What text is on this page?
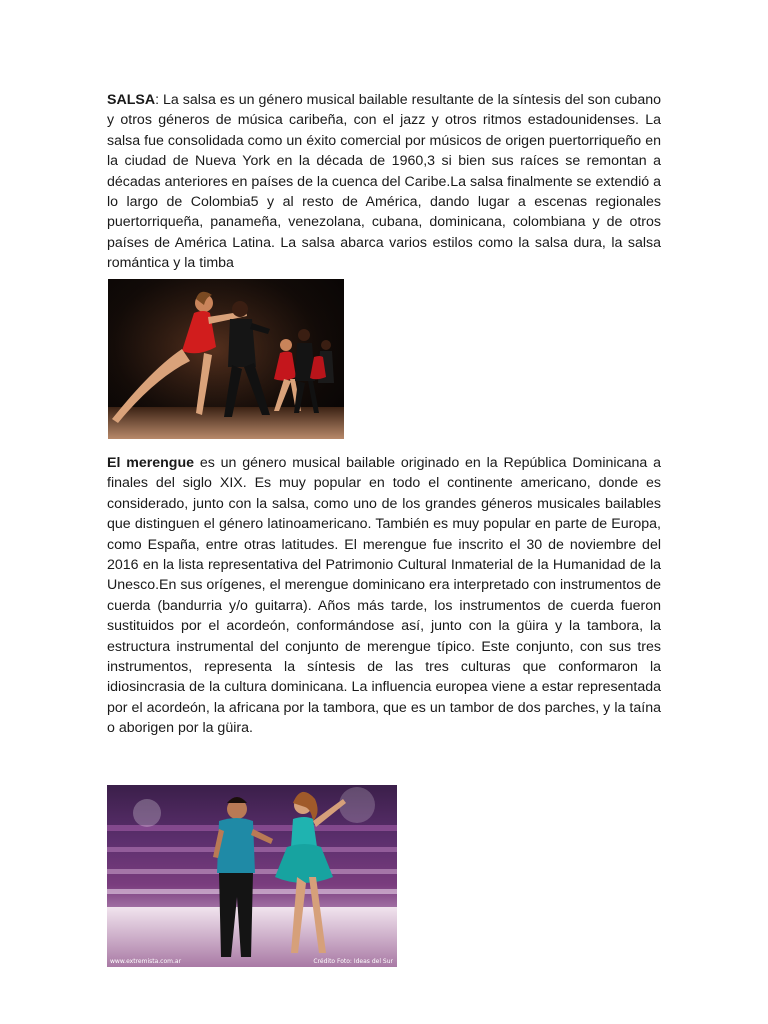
SALSA: La salsa es un género musical bailable resultante de la síntesis del son cubano y otros géneros de música caribeña, con el jazz y otros ritmos estadounidenses. La salsa fue consolidada como un éxito comercial por músicos de origen puertorriqueño en la ciudad de Nueva York en la década de 1960,3 si bien sus raíces se remontan a décadas anteriores en países de la cuenca del Caribe.La salsa finalmente se extendió a lo largo de Colombia5 y al resto de América, dando lugar a escenas regionales puertorriqueña, panameña, venezolana, cubana, dominicana, colombiana y de otros países de América Latina. La salsa abarca varios estilos como la salsa dura, la salsa romántica y la timba

El merengue es un género musical bailable originado en la República Dominicana a finales del siglo XIX. Es muy popular en todo el continente americano, donde es considerado, junto con la salsa, como uno de los grandes géneros musicales bailables que distinguen el género latinoamericano. También es muy popular en parte de Europa, como España, entre otras latitudes. El merengue fue inscrito el 30 de noviembre del 2016 en la lista representativa del Patrimonio Cultural Inmaterial de la Humanidad de la Unesco.En sus orígenes, el merengue dominicano era interpretado con instrumentos de cuerda (bandurria y/o guitarra). Años más tarde, los instrumentos de cuerda fueron sustituidos por el acordeón, conformándose así, junto con la güira y la tambora, la estructura instrumental del conjunto de merengue típico. Este conjunto, con sus tres instrumentos, representa la síntesis de las tres culturas que conformaron la idiosincrasia de la cultura dominicana. La influencia europea viene a estar representada por el acordeón, la africana por la tambora, que es un tambor de dos parches, y la taína o aborigen por la güira.

www.extremista.com.ar	Crédito Foto: Ideas del Sur
